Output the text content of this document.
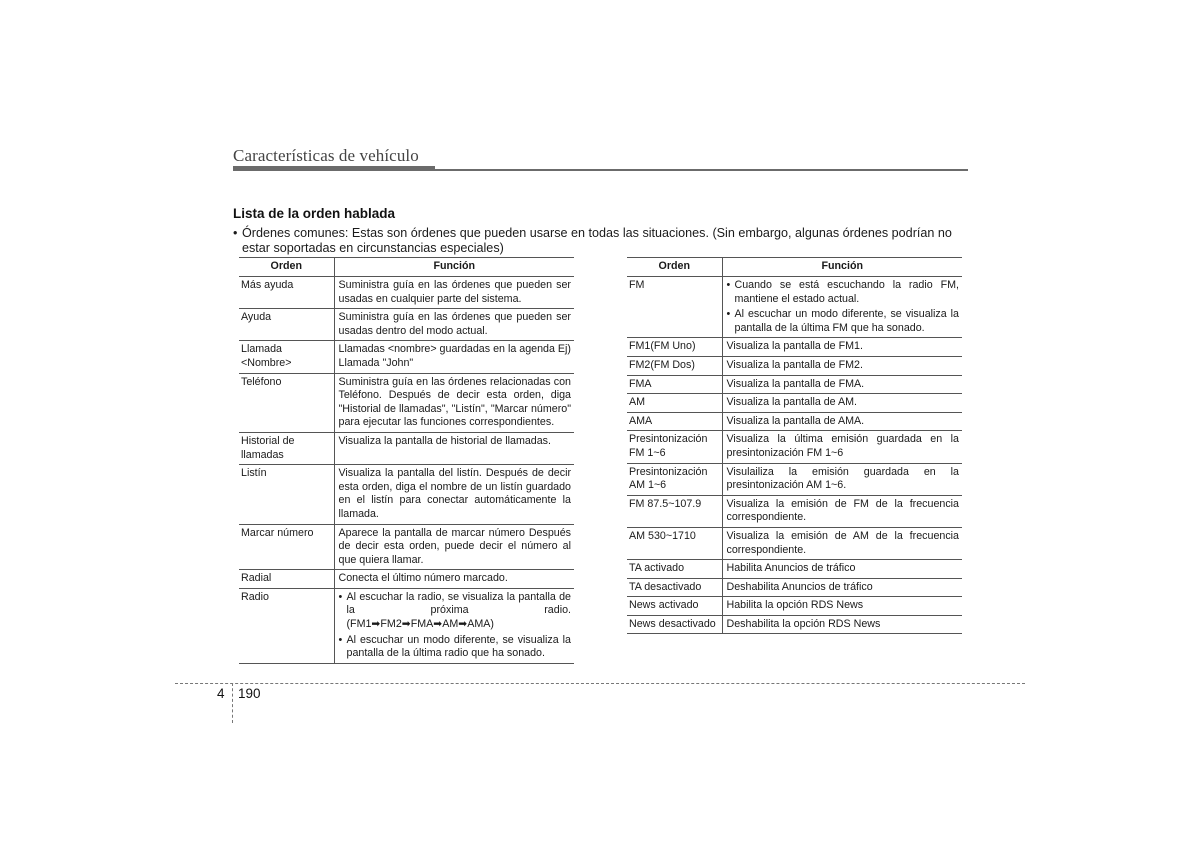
Características de vehículo
Lista de la orden hablada
• Órdenes comunes: Estas son órdenes que pueden usarse en todas las situaciones. (Sin embargo, algunas órdenes podrían no estar soportadas en circunstancias especiales)
Orden	Función
Más ayuda	Suministra guía en las órdenes que pueden ser usadas en cualquier parte del sistema.
Ayuda	Suministra guía en las órdenes que pueden ser usadas dentro del modo actual.
Llamada <Nombre>	Llamadas <nombre> guardadas en la agenda Ej) Llamada "John"
Teléfono	Suministra guía en las órdenes relacionadas con Teléfono. Después de decir esta orden, diga "Historial de llamadas", "Listín", "Marcar número" para ejecutar las funciones correspondientes.
Historial de llamadas	Visualiza la pantalla de historial de llamadas.
Listín	Visualiza la pantalla del listín. Después de decir esta orden, diga el nombre de un listín guardado en el listín para conectar automáticamente la llamada.
Marcar número	Aparece la pantalla de marcar número Después de decir esta orden, puede decir el número al que quiera llamar.
Radial	Conecta el último número marcado.
Radio	• Al escuchar la radio, se visualiza la pantalla de la próxima radio. (FM1➡FM2➡FMA➡AM➡AMA)
• Al escuchar un modo diferente, se visualiza la pantalla de la última radio que ha sonado.
Orden	Función
FM	• Cuando se está escuchando la radio FM, mantiene el estado actual.
• Al escuchar un modo diferente, se visualiza la pantalla de la última FM que ha sonado.

FM1(FM Uno)	Visualiza la pantalla de FM1.
FM2(FM Dos)	Visualiza la pantalla de FM2.
FMA	Visualiza la pantalla de FMA.
AM	Visualiza la pantalla de AM.
AMA	Visualiza la pantalla de AMA.
Presintonización FM 1~6	Visualiza la última emisión guardada en la presintonización FM 1~6
Presintonización AM 1~6	Visulailiza la emisión guardada en la presintonización AM 1~6.
FM 87.5~107.9	Visualiza la emisión de FM de la frecuencia correspondiente.
AM 530~1710	Visualiza la emisión de AM de la frecuencia correspondiente.
TA activado	Habilita Anuncios de tráfico
TA desactivado	Deshabilita Anuncios de tráfico
News activado	Habilita la opción RDS News
News desactivado	Deshabilita la opción RDS News
4 190
